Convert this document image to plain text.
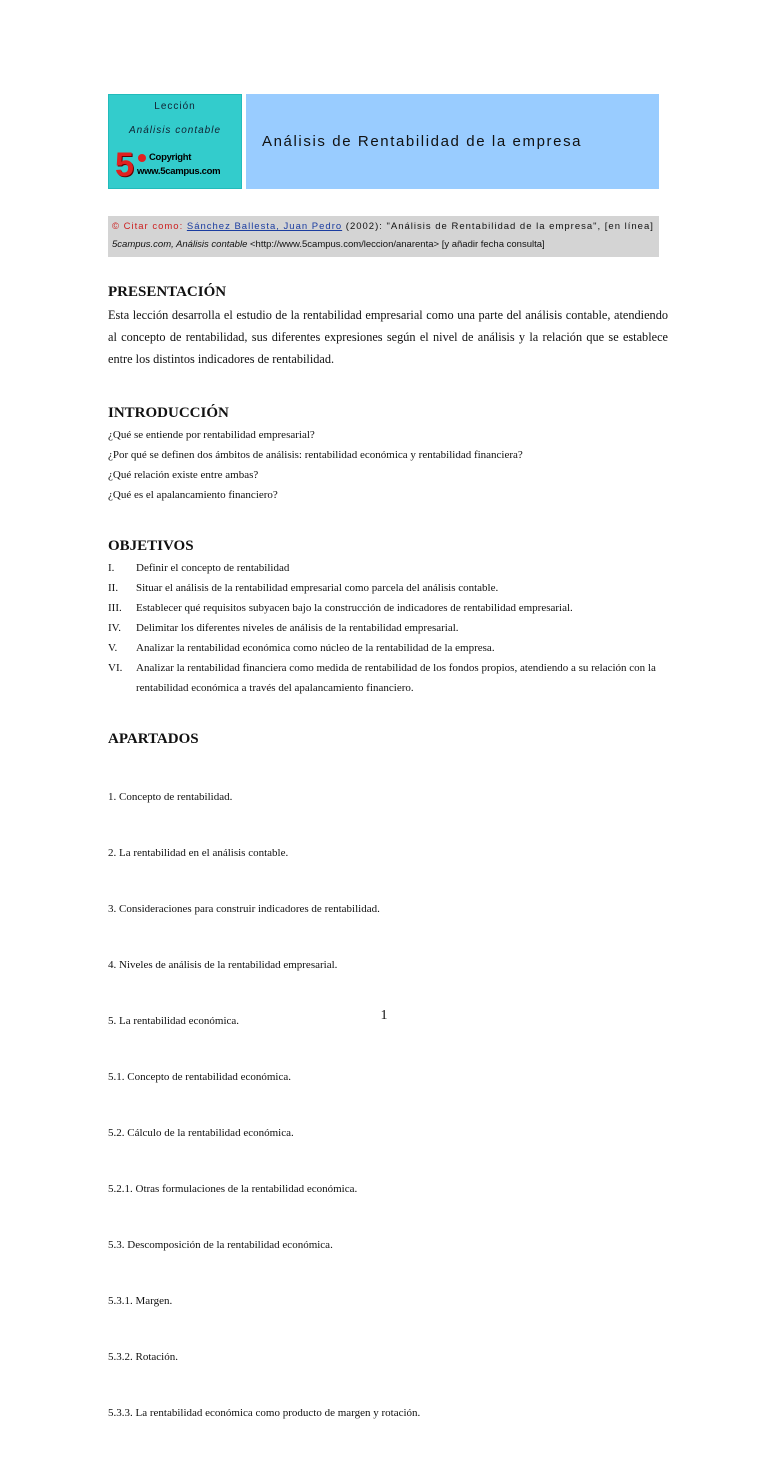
Lección
Análisis contable
5 Copyright
www.5campus.com
Análisis de Rentabilidad de la empresa
© Citar como: Sánchez Ballesta, Juan Pedro (2002): "Análisis de Rentabilidad de la empresa", [en línea]
5campus.com, Análisis contable <http://www.5campus.com/leccion/anarenta> [y añadir fecha consulta]
PRESENTACIÓN
Esta lección desarrolla el estudio de la rentabilidad empresarial como una parte del análisis contable, atendiendo al concepto de rentabilidad, sus diferentes expresiones según el nivel de análisis y la relación que se establece entre los distintos indicadores de rentabilidad.
INTRODUCCIÓN
¿Qué se entiende por rentabilidad empresarial?
¿Por qué se definen dos ámbitos de análisis: rentabilidad económica y rentabilidad financiera?
¿Qué relación existe entre ambas?
¿Qué es el apalancamiento financiero?
OBJETIVOS
I.	Definir el concepto de rentabilidad
II.	Situar el análisis de la rentabilidad empresarial como parcela del análisis contable.
III.	Establecer qué requisitos subyacen bajo la construcción de indicadores de rentabilidad empresarial.
IV.	Delimitar los diferentes niveles de análisis de la rentabilidad empresarial.
V.	Analizar la rentabilidad económica como núcleo de la rentabilidad de la empresa.
VI.	Analizar la rentabilidad financiera como medida de rentabilidad de los fondos propios, atendiendo a su relación con la rentabilidad económica a través del apalancamiento financiero.
APARTADOS

1. Concepto de rentabilidad.

2. La rentabilidad en el análisis contable.

3. Consideraciones para construir indicadores de rentabilidad.

4. Niveles de análisis de la rentabilidad empresarial.

5. La rentabilidad económica.

5.1. Concepto de rentabilidad económica.

5.2. Cálculo de la rentabilidad económica.

5.2.1. Otras formulaciones de la rentabilidad económica.

5.3. Descomposición de la rentabilidad económica.

5.3.1. Margen.

5.3.2. Rotación.

5.3.3. La rentabilidad económica como producto de margen y rotación.

1
